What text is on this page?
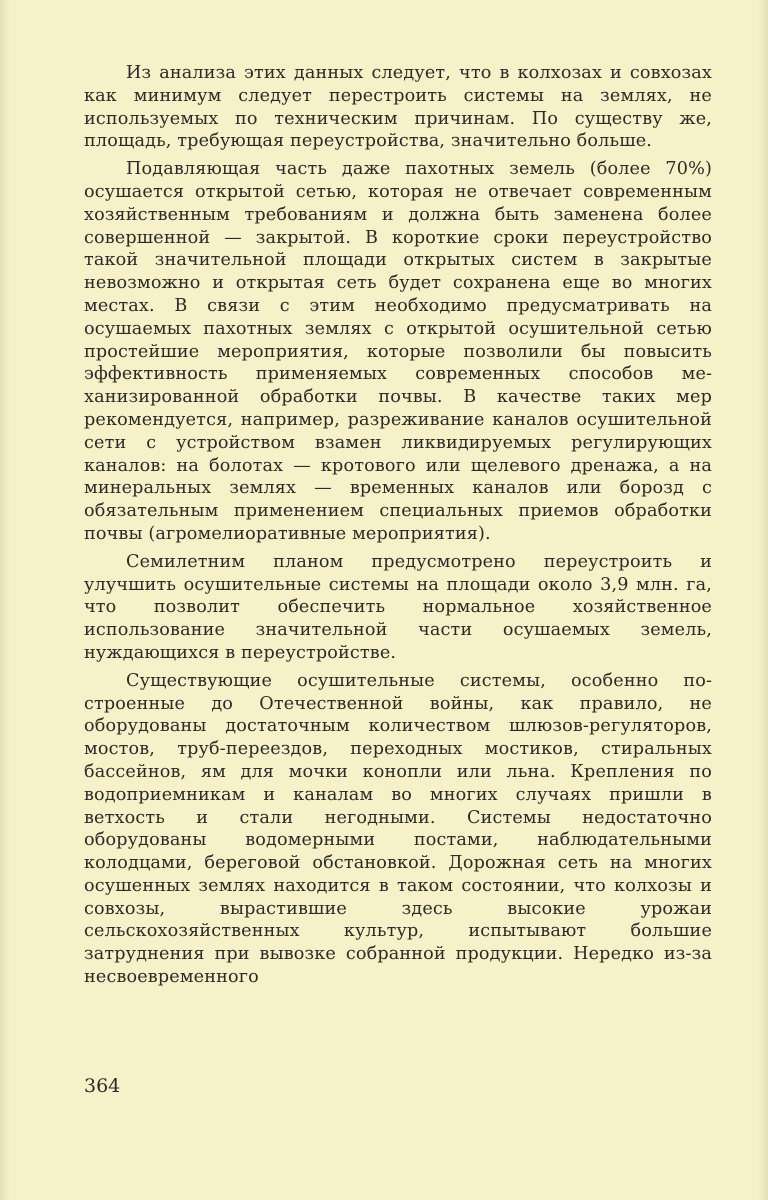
Из анализа этих данных следует, что в колхозах и совхозах как минимум следует перестроить системы на землях, не используемых по техническим причинам. По существу же, площадь, требующая переустройства, значительно больше.

Подавляющая часть даже пахотных земель (более 70%) осушается открытой сетью, которая не отвечает современным хозяйственным требованиям и должна быть заменена более совершенной — закрытой. В короткие сроки переустройство такой значительной площади открытых систем в закрытые невозможно и открытая сеть будет сохранена еще во многих местах. В связи с этим необходимо предусматривать на осушаемых пахотных землях с открытой осушительной сетью простейшие мероприятия, которые позволили бы повысить эффективность применяемых современных способов механизированной обработки почвы. В качестве таких мер рекомендуется, например, разреживание каналов осушительной сети с устройством взамен ликвидируемых регулирующих каналов: на болотах — кротового или щелевого дренажа, а на минеральных землях — временных каналов или борозд с обязательным применением специальных приемов обработки почвы (агромелиоративные мероприятия).

Семилетним планом предусмотрено переустроить и улучшить осушительные системы на площади около 3,9 млн. га, что позволит обеспечить нормальное хозяйственное использование значительной части осушаемых земель, нуждающихся в переустройстве.

Существующие осушительные системы, особенно построенные до Отечественной войны, как правило, не оборудованы достаточным количеством шлюзов-регуляторов, мостов, труб-переездов, переходных мостиков, стиральных бассейнов, ям для мочки конопли или льна. Крепления по водоприемникам и каналам во многих случаях пришли в ветхость и стали негодными. Системы недостаточно оборудованы водомерными постами, наблюдательными колодцами, береговой обстановкой. Дорожная сеть на многих осушенных землях находится в таком состоянии, что колхозы и совхозы, вырастившие здесь высокие урожаи сельскохозяйственных культур, испытывают большие затруднения при вывозке собранной продукции. Нередко из-за несвоевременного

364
